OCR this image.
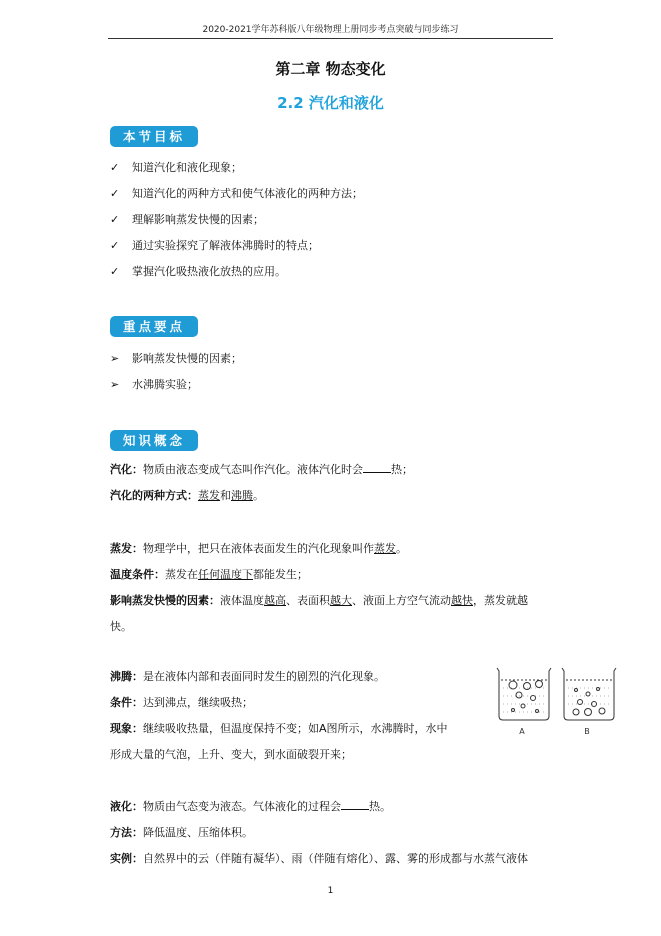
2020-2021学年苏科版八年级物理上册同步考点突破与同步练习
第二章 物态变化
2.2 汽化和液化
本节目标
✓	知道汽化和液化现象；
✓	知道汽化的两种方式和使气体液化的两种方法；
✓	理解影响蒸发快慢的因素；
✓	通过实验探究了解液体沸腾时的特点；
✓	掌握汽化吸热液化放热的应用。
重点要点
➢	影响蒸发快慢的因素；
➢	水沸腾实验；
知识概念
汽化：物质由液态变成气态叫作汽化。液体汽化时会	热；
汽化的两种方式：蒸发和沸腾。
蒸发：物理学中，把只在液体表面发生的汽化现象叫作蒸发。
温度条件：蒸发在任何温度下都能发生；
影响蒸发快慢的因素：液体温度越高、表面积越大、液面上方空气流动越快，蒸发就越
快。
沸腾：是在液体内部和表面同时发生的剧烈的汽化现象。
条件：达到沸点，继续吸热；
现象：继续吸收热量，但温度保持不变；如A图所示，水沸腾时，水中
形成大量的气泡，上升、变大，到水面破裂开来；
液化：物质由气态变为液态。气体液化的过程会	热。
方法：降低温度、压缩体积。
实例：自然界中的云（伴随有凝华）、雨（伴随有熔化）、露、雾的形成都与水蒸气液体
A	B
1
